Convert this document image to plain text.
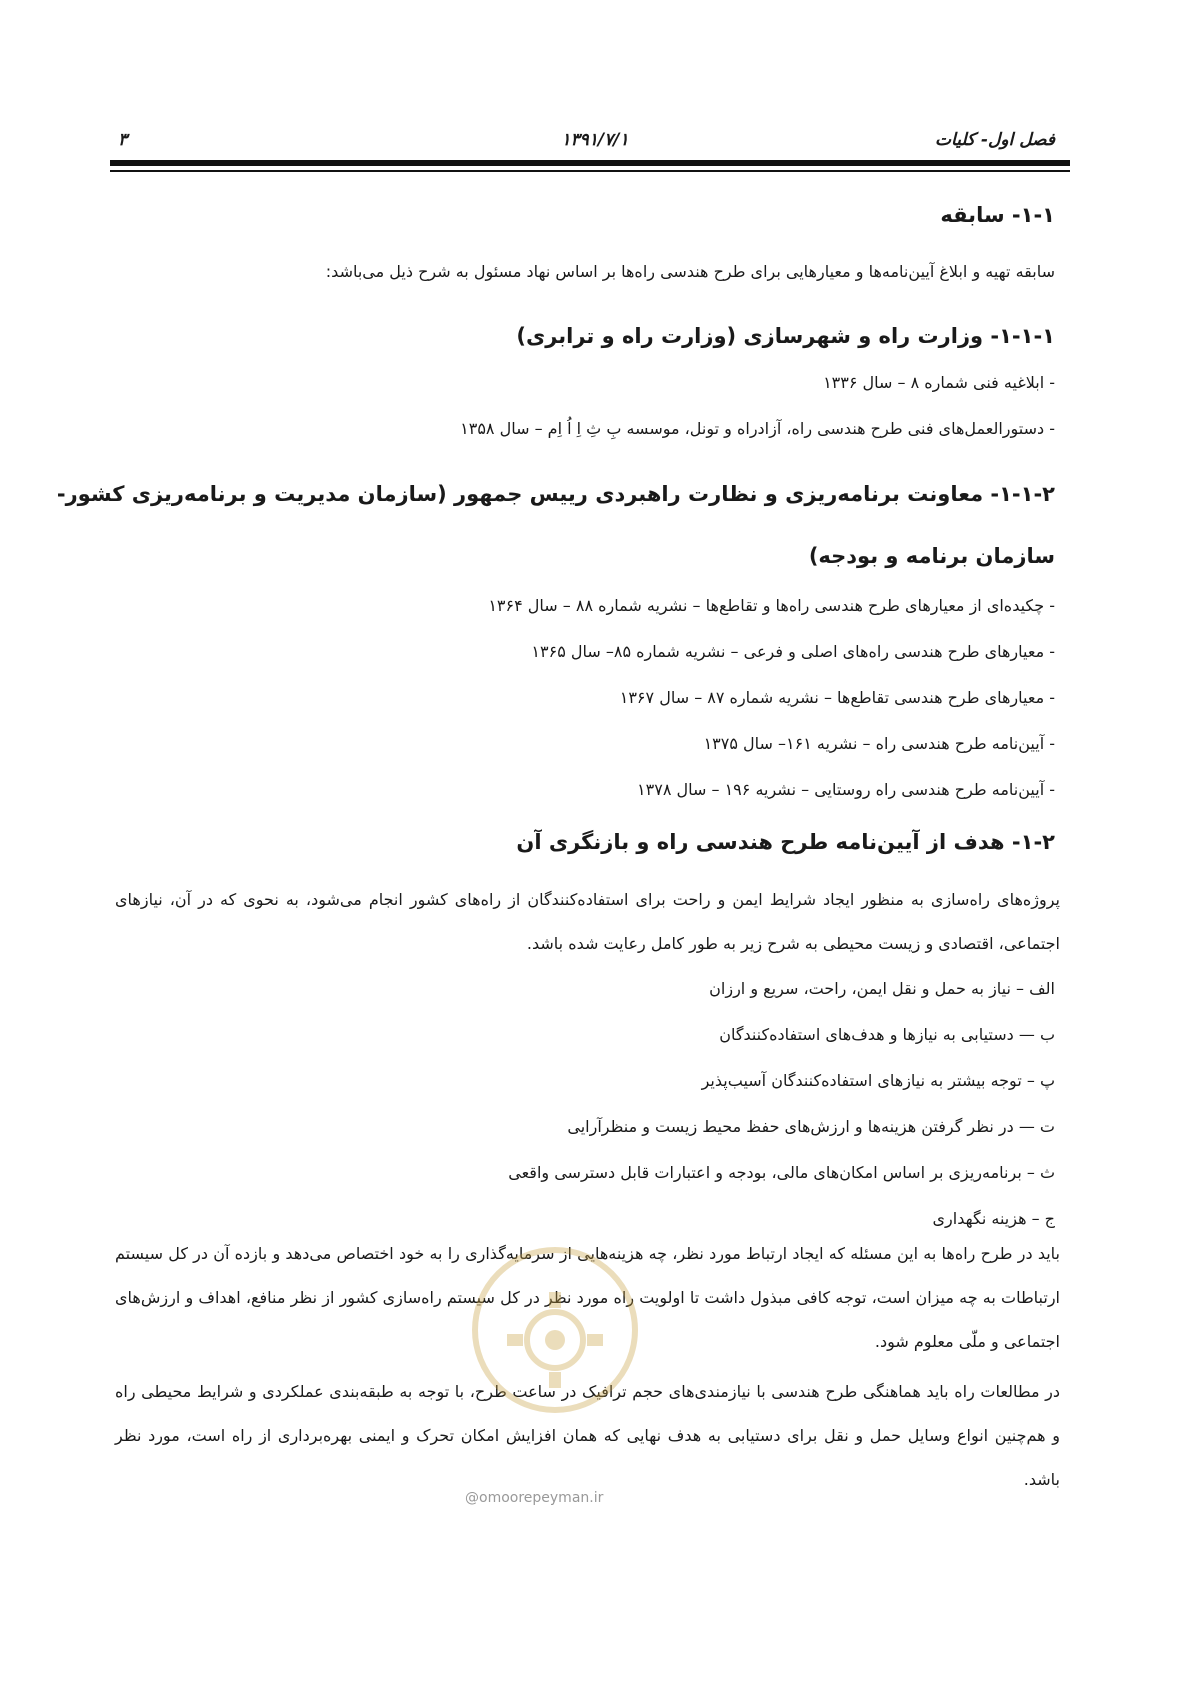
فصل اول- کلیات
۱۳۹۱/۷/۱
۳
۱-۱- سابقه
سابقه تهیه و ابلاغ آیین‌نامه‌ها و معیارهایی برای طرح هندسی راه‌ها بر اساس نهاد مسئول به شرح ذیل می‌باشد:
۱-۱-۱- وزارت راه و شهرسازی (وزارت راه و ترابری)
- ابلاغیه فنی شماره ۸ – سال ۱۳۳۶
- دستورالعمل‌های فنی طرح هندسی راه، آزادراه و تونل، موسسه بِ ثِ اِ اُ اِم – سال ۱۳۵۸
۱-۱-۲- معاونت برنامه‌ریزی و نظارت راهبردی رییس جمهور (سازمان مدیریت و برنامه‌ریزی کشور-
سازمان برنامه و بودجه)
- چکیده‌ای از معیارهای طرح هندسی راه‌ها و تقاطع‌ها – نشریه شماره ۸۸ – سال ۱۳۶۴
- معیارهای طرح هندسی راه‌های اصلی و فرعی – نشریه شماره ۸۵– سال ۱۳۶۵
- معیارهای طرح هندسی تقاطع‌ها – نشریه شماره ۸۷ – سال ۱۳۶۷
- آیین‌نامه طرح هندسی راه – نشریه ۱۶۱– سال ۱۳۷۵
- آیین‌نامه طرح هندسی راه روستایی – نشریه ۱۹۶ – سال ۱۳۷۸
۱-۲- هدف از آیین‌نامه طرح هندسی راه و بازنگری آن
پروژه‌های راه‌سازی به منظور ایجاد شرایط ایمن و راحت برای استفاده‌کنندگان از راه‌های کشور انجام می‌شود، به نحوی که در آن، نیازهای اجتماعی، اقتصادی و زیست محیطی به شرح زیر به طور کامل رعایت شده باشد.
الف – نیاز به حمل و نقل ایمن، راحت، سریع و ارزان
ب — دستیابی به نیازها و هدف‌های استفاده‌کنندگان
پ – توجه بیشتر به نیازهای استفاده‌کنندگان آسیب‌پذیر
ت — در نظر گرفتن هزینه‌ها و ارزش‌های حفظ محیط زیست و منظرآرایی
ث – برنامه‌ریزی بر اساس امکان‌های مالی، بودجه و اعتبارات قابل دسترسی واقعی
ج – هزینه نگهداری
باید در طرح راه‌ها به این مسئله که ایجاد ارتباط مورد نظر، چه هزینه‌هایی از سرمایه‌گذاری را به خود اختصاص می‌دهد و بازده آن در کل سیستم ارتباطات به چه میزان است، توجه کافی مبذول داشت تا اولویت راه مورد نظر در کل سیستم راه‌سازی کشور از نظر منافع، اهداف و ارزش‌های اجتماعی و ملّی معلوم شود.
در مطالعات راه باید هماهنگی طرح هندسی با نیازمندی‌های حجم ترافیک در ساعت طرح، با توجه به طبقه‌بندی عملکردی و شرایط محیطی راه و هم‌چنین انواع وسایل حمل و نقل برای دستیابی به هدف نهایی که همان افزایش امکان تحرک و ایمنی بهره‌برداری از راه است، مورد نظر باشد.
@omoorepeyman.ir
